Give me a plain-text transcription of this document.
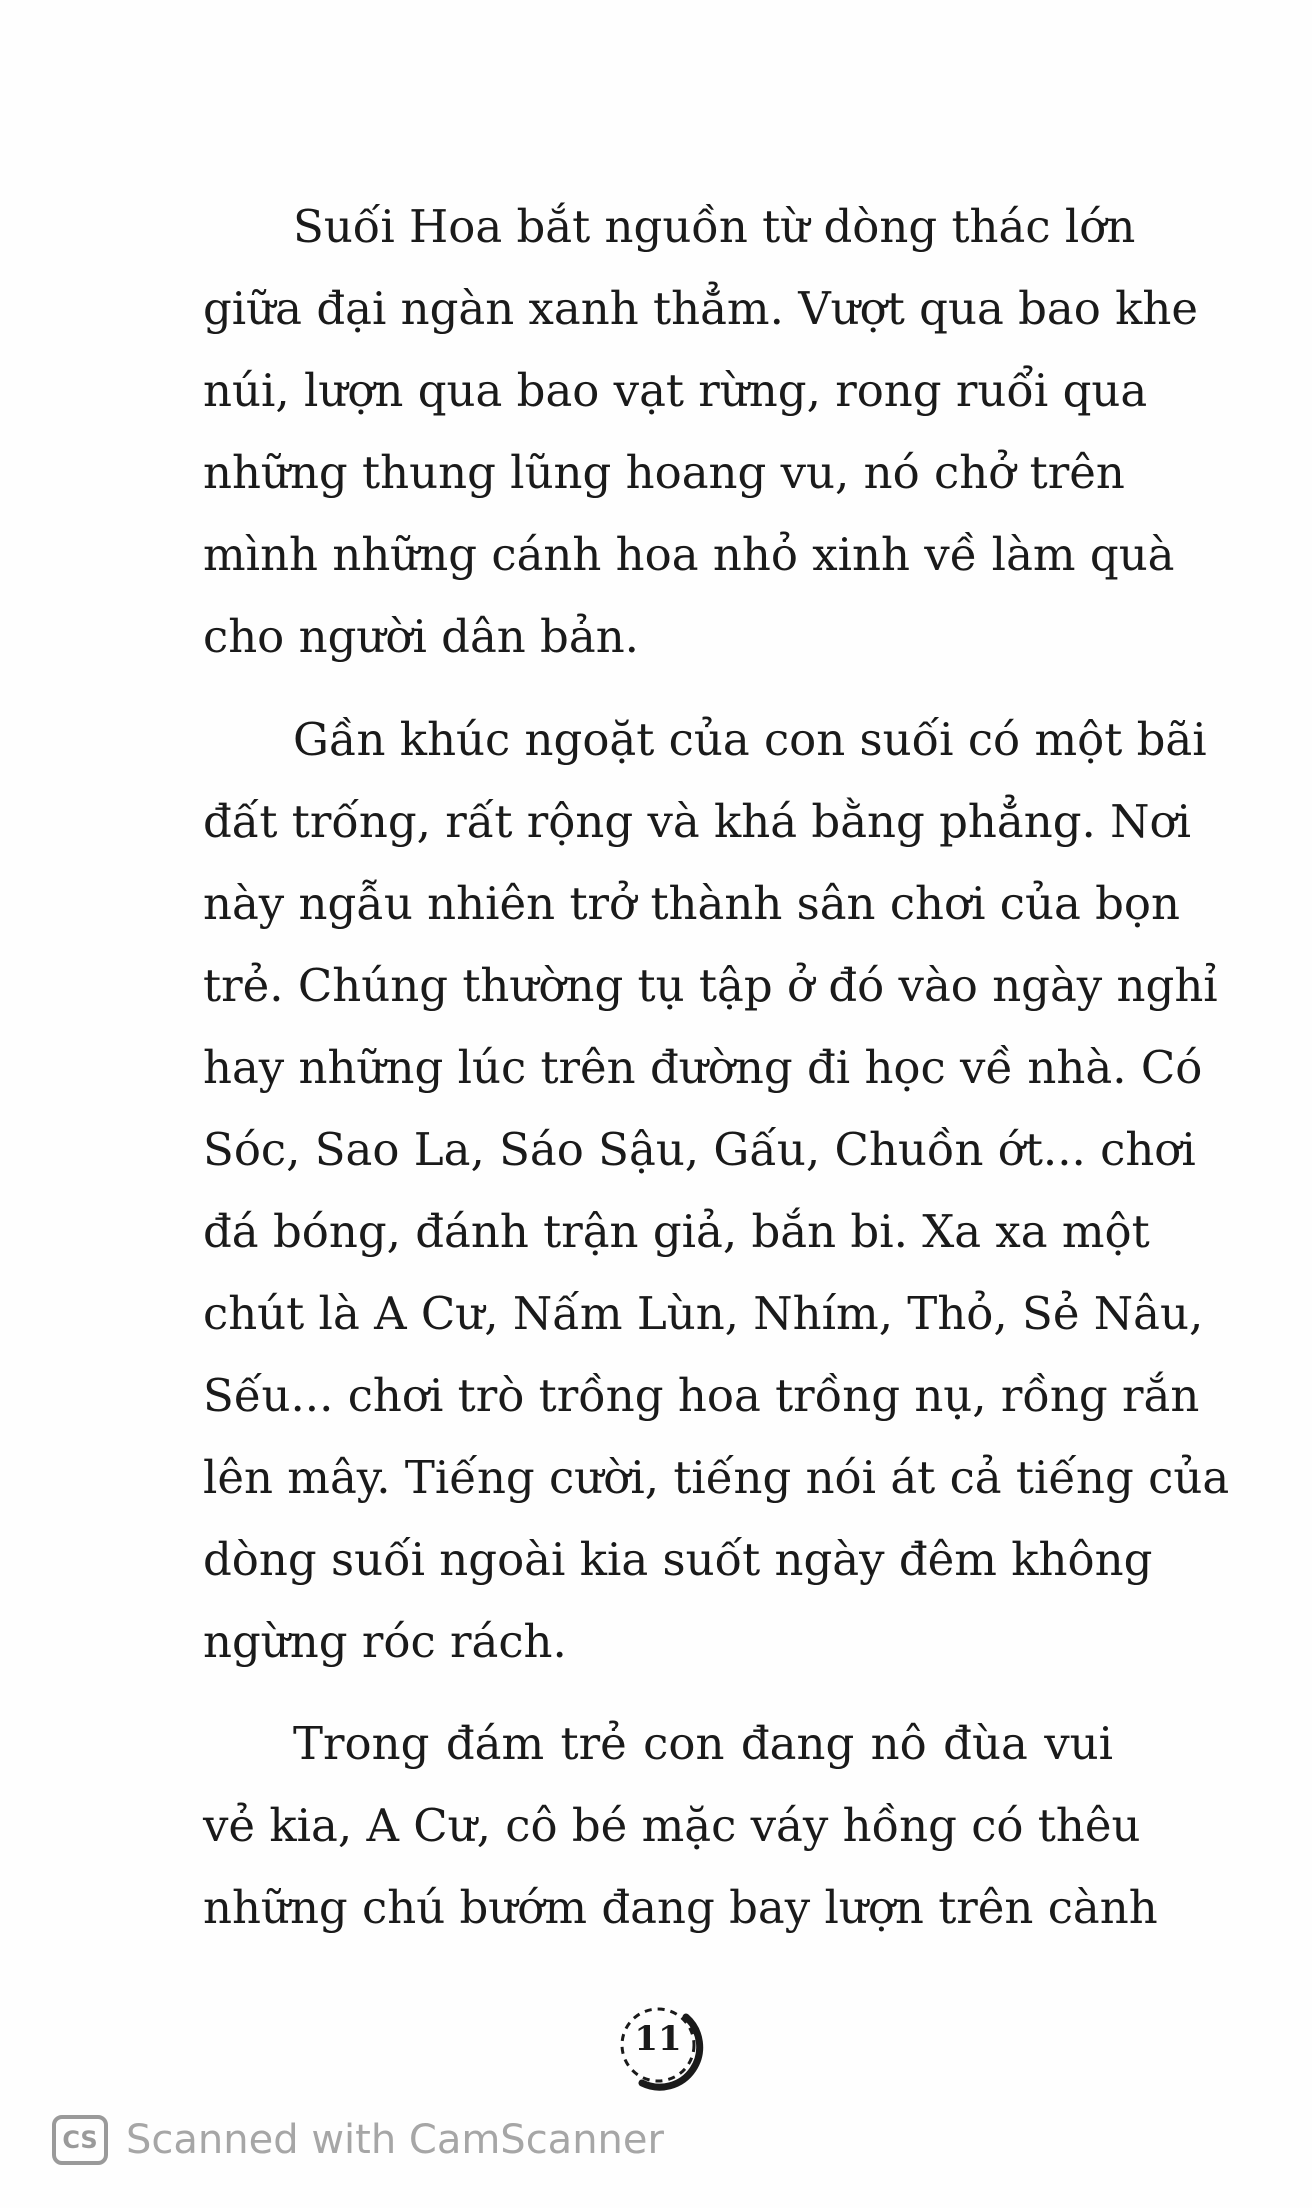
Suối Hoa bắt nguồn từ dòng thác lớn
giữa đại ngàn xanh thẳm. Vượt qua bao khe
núi, lượn qua bao vạt rừng, rong ruổi qua
những thung lũng hoang vu, nó chở trên
mình những cánh hoa nhỏ xinh về làm quà
cho người dân bản.
Gần khúc ngoặt của con suối có một bãi
đất trống, rất rộng và khá bằng phẳng. Nơi
này ngẫu nhiên trở thành sân chơi của bọn
trẻ. Chúng thường tụ tập ở đó vào ngày nghỉ
hay những lúc trên đường đi học về nhà. Có
Sóc, Sao La, Sáo Sậu, Gấu, Chuồn ớt... chơi
đá bóng, đánh trận giả, bắn bi. Xa xa một
chút là A Cư, Nấm Lùn, Nhím, Thỏ, Sẻ Nâu,
Sếu... chơi trò trồng hoa trồng nụ, rồng rắn
lên mây. Tiếng cười, tiếng nói át cả tiếng của
dòng suối ngoài kia suốt ngày đêm không
ngừng róc rách.
Trong đám trẻ con đang nô đùa vui
vẻ kia, A Cư, cô bé mặc váy hồng có thêu
những chú bướm đang bay lượn trên cành
11
CS Scanned with CamScanner
